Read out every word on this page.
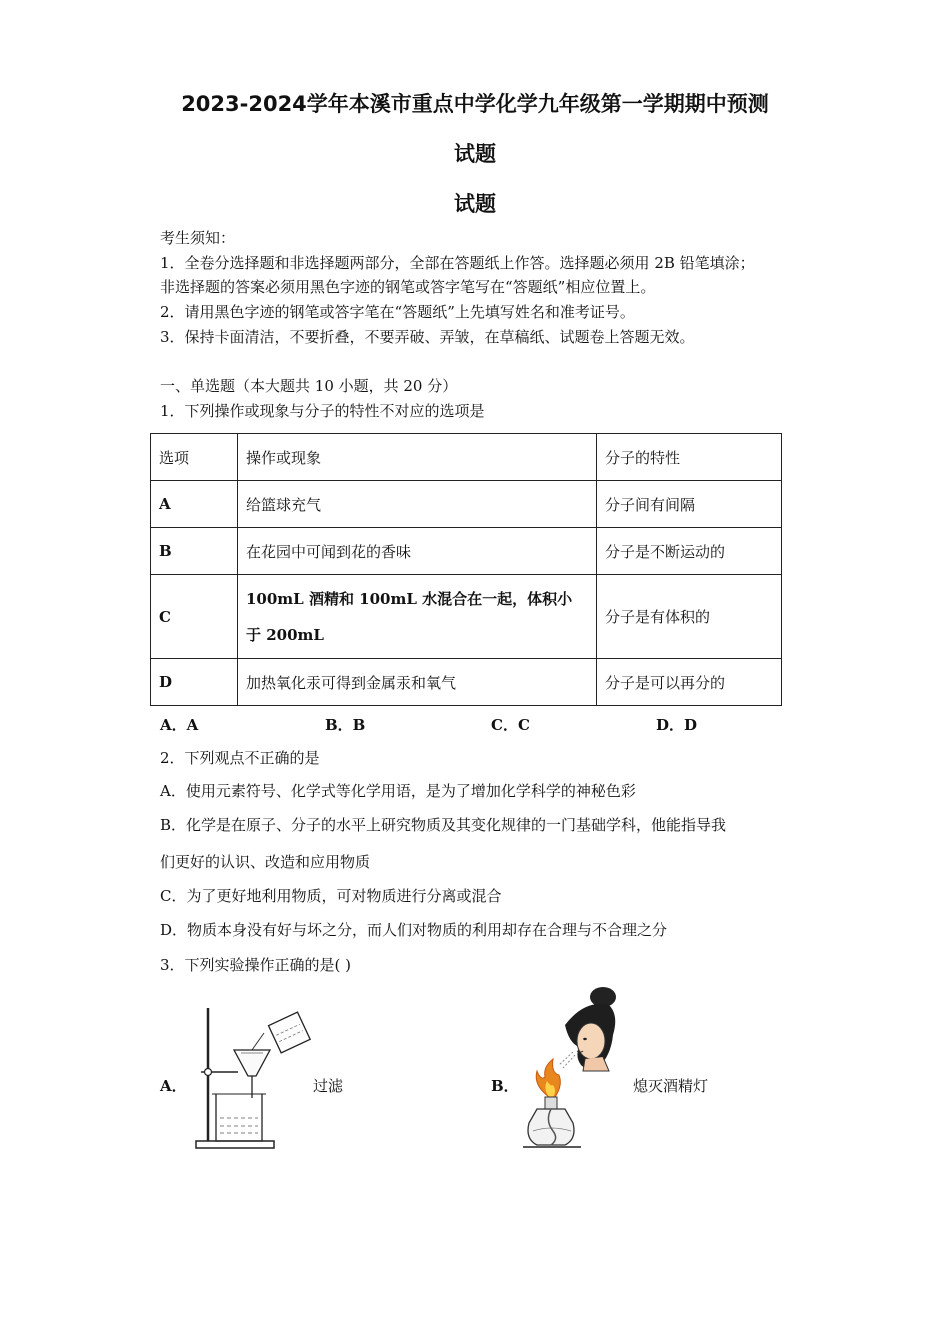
2023-2024学年本溪市重点中学化学九年级第一学期期中预测
试题
试题
考生须知：
1．全卷分选择题和非选择题两部分，全部在答题纸上作答。选择题必须用 2B 铅笔填涂；
非选择题的答案必须用黑色字迹的钢笔或答字笔写在“答题纸”相应位置上。
2．请用黑色字迹的钢笔或答字笔在“答题纸”上先填写姓名和准考证号。
3．保持卡面清洁，不要折叠，不要弄破、弄皱，在草稿纸、试题卷上答题无效。
一、单选题（本大题共 10 小题，共 20 分）
1．下列操作或现象与分子的特性不对应的选项是
选项	操作或现象	分子的特性
A	给篮球充气	分子间有间隔
B	在花园中可闻到花的香味	分子是不断运动的
C	100mL 酒精和 100mL 水混合在一起，体积小
于 200mL	分子是有体积的
D	加热氧化汞可得到金属汞和氧气	分子是可以再分的
A．A	B．B	C．C	D．D
2．下列观点不正确的是
A．使用元素符号、化学式等化学用语，是为了增加化学科学的神秘色彩
B．化学是在原子、分子的水平上研究物质及其变化规律的一门基础学科，他能指导我
们更好的认识、改造和应用物质
C．为了更好地利用物质，可对物质进行分离或混合
D．物质本身没有好与坏之分，而人们对物质的利用却存在合理与不合理之分
3．下列实验操作正确的是( )
A．	过滤	B．	熄灭酒精灯
